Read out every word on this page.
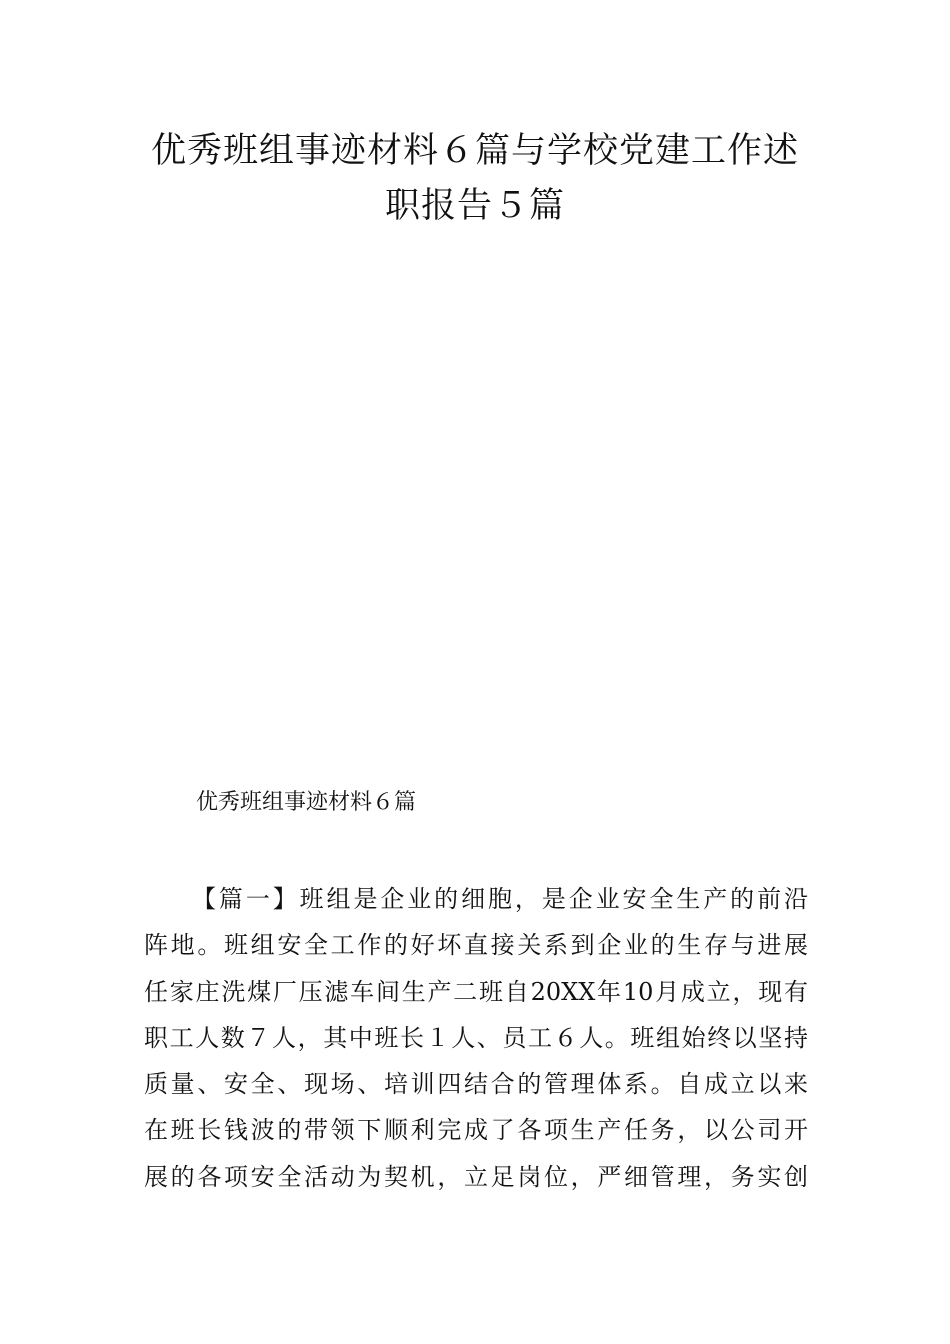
优秀班组事迹材料６篇与学校党建工作述
职报告５篇
优秀班组事迹材料６篇
【篇一】班组是企业的细胞，是企业安全生产的前沿
阵地。班组安全工作的好坏直接关系到企业的生存与进展
任家庄洗煤厂压滤车间生产二班自20XX年10月成立，现有
职工人数７人，其中班长１人、员工６人。班组始终以坚持
质量、安全、现场、培训四结合的管理体系。自成立以来
在班长钱波的带领下顺利完成了各项生产任务，以公司开
展的各项安全活动为契机，立足岗位，严细管理，务实创
